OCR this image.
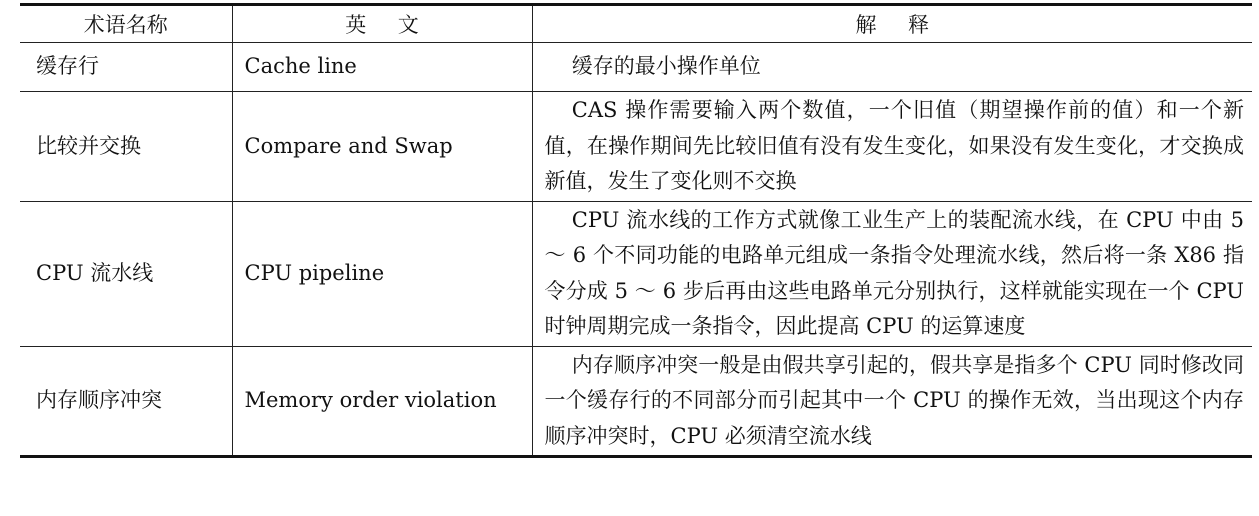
术语名称	英文	解释
缓存行	Cache line	缓存的最小操作单位
比较并交换	Compare and Swap	CAS 操作需要输入两个数值，一个旧值（期望操作前的值）和一个新值，在操作期间先比较旧值有没有发生变化，如果没有发生变化，才交换成新值，发生了变化则不交换
CPU 流水线	CPU pipeline	CPU 流水线的工作方式就像工业生产上的装配流水线，在 CPU 中由 5 ～ 6 个不同功能的电路单元组成一条指令处理流水线，然后将一条 X86 指令分成 5 ～ 6 步后再由这些电路单元分别执行，这样就能实现在一个 CPU 时钟周期完成一条指令，因此提高 CPU 的运算速度
内存顺序冲突	Memory order violation	内存顺序冲突一般是由假共享引起的，假共享是指多个 CPU 同时修改同一个缓存行的不同部分而引起其中一个 CPU 的操作无效，当出现这个内存顺序冲突时，CPU 必须清空流水线
